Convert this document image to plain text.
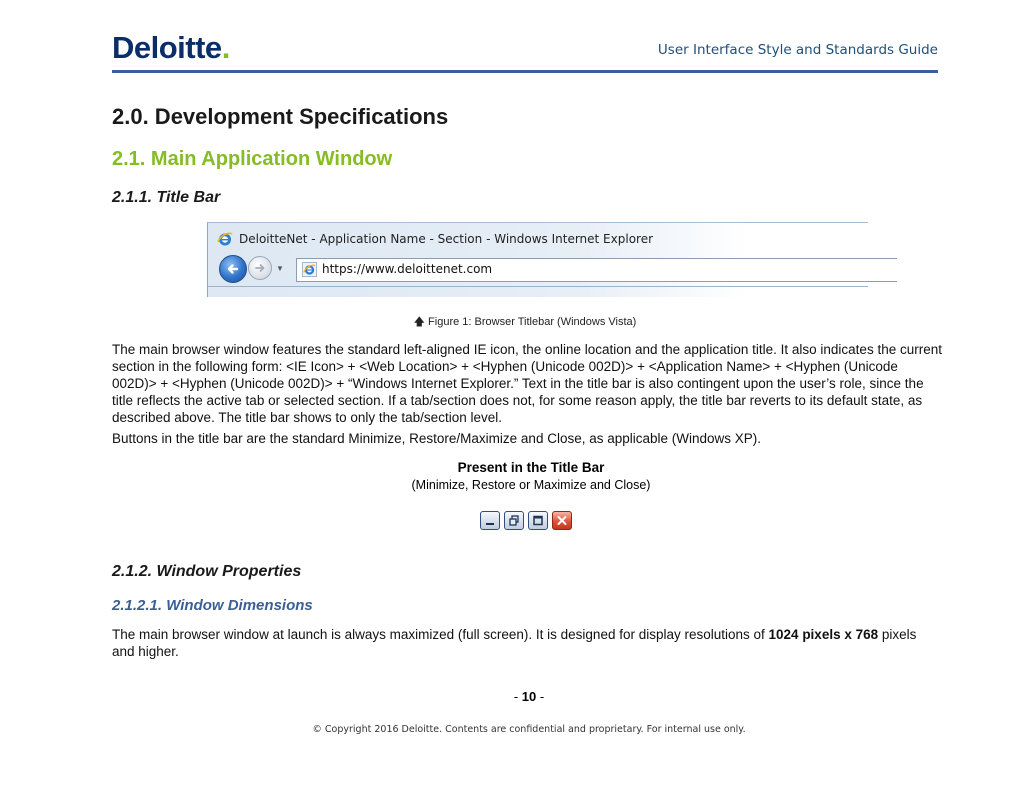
Deloitte.	User Interface Style and Standards Guide
2.0. Development Specifications
2.1. Main Application Window
2.1.1. Title Bar
DeloitteNet - Application Name - Section - Windows Internet Explorer
▼	https://www.deloittenet.com
🡅 Figure 1: Browser Titlebar (Windows Vista)
The main browser window features the standard left-aligned IE icon, the online location and the application title. It also indicates the current section in the following form: <IE Icon> + <Web Location> + <Hyphen (Unicode 002D)> + <Application Name> + <Hyphen (Unicode 002D)> + <Hyphen (Unicode 002D)> + “Windows Internet Explorer.” Text in the title bar is also contingent upon the user’s role, since the title reflects the active tab or selected section. If a tab/section does not, for some reason apply, the title bar reverts to its default state, as described above. The title bar shows to only the tab/section level.
Buttons in the title bar are the standard Minimize, Restore/Maximize and Close, as applicable (Windows XP).
Present in the Title Bar
(Minimize, Restore or Maximize and Close)
2.1.2. Window Properties
2.1.2.1. Window Dimensions
The main browser window at launch is always maximized (full screen). It is designed for display resolutions of 1024 pixels x 768 pixels and higher.
- 10 -
© Copyright 2016 Deloitte. Contents are confidential and proprietary. For internal use only.
